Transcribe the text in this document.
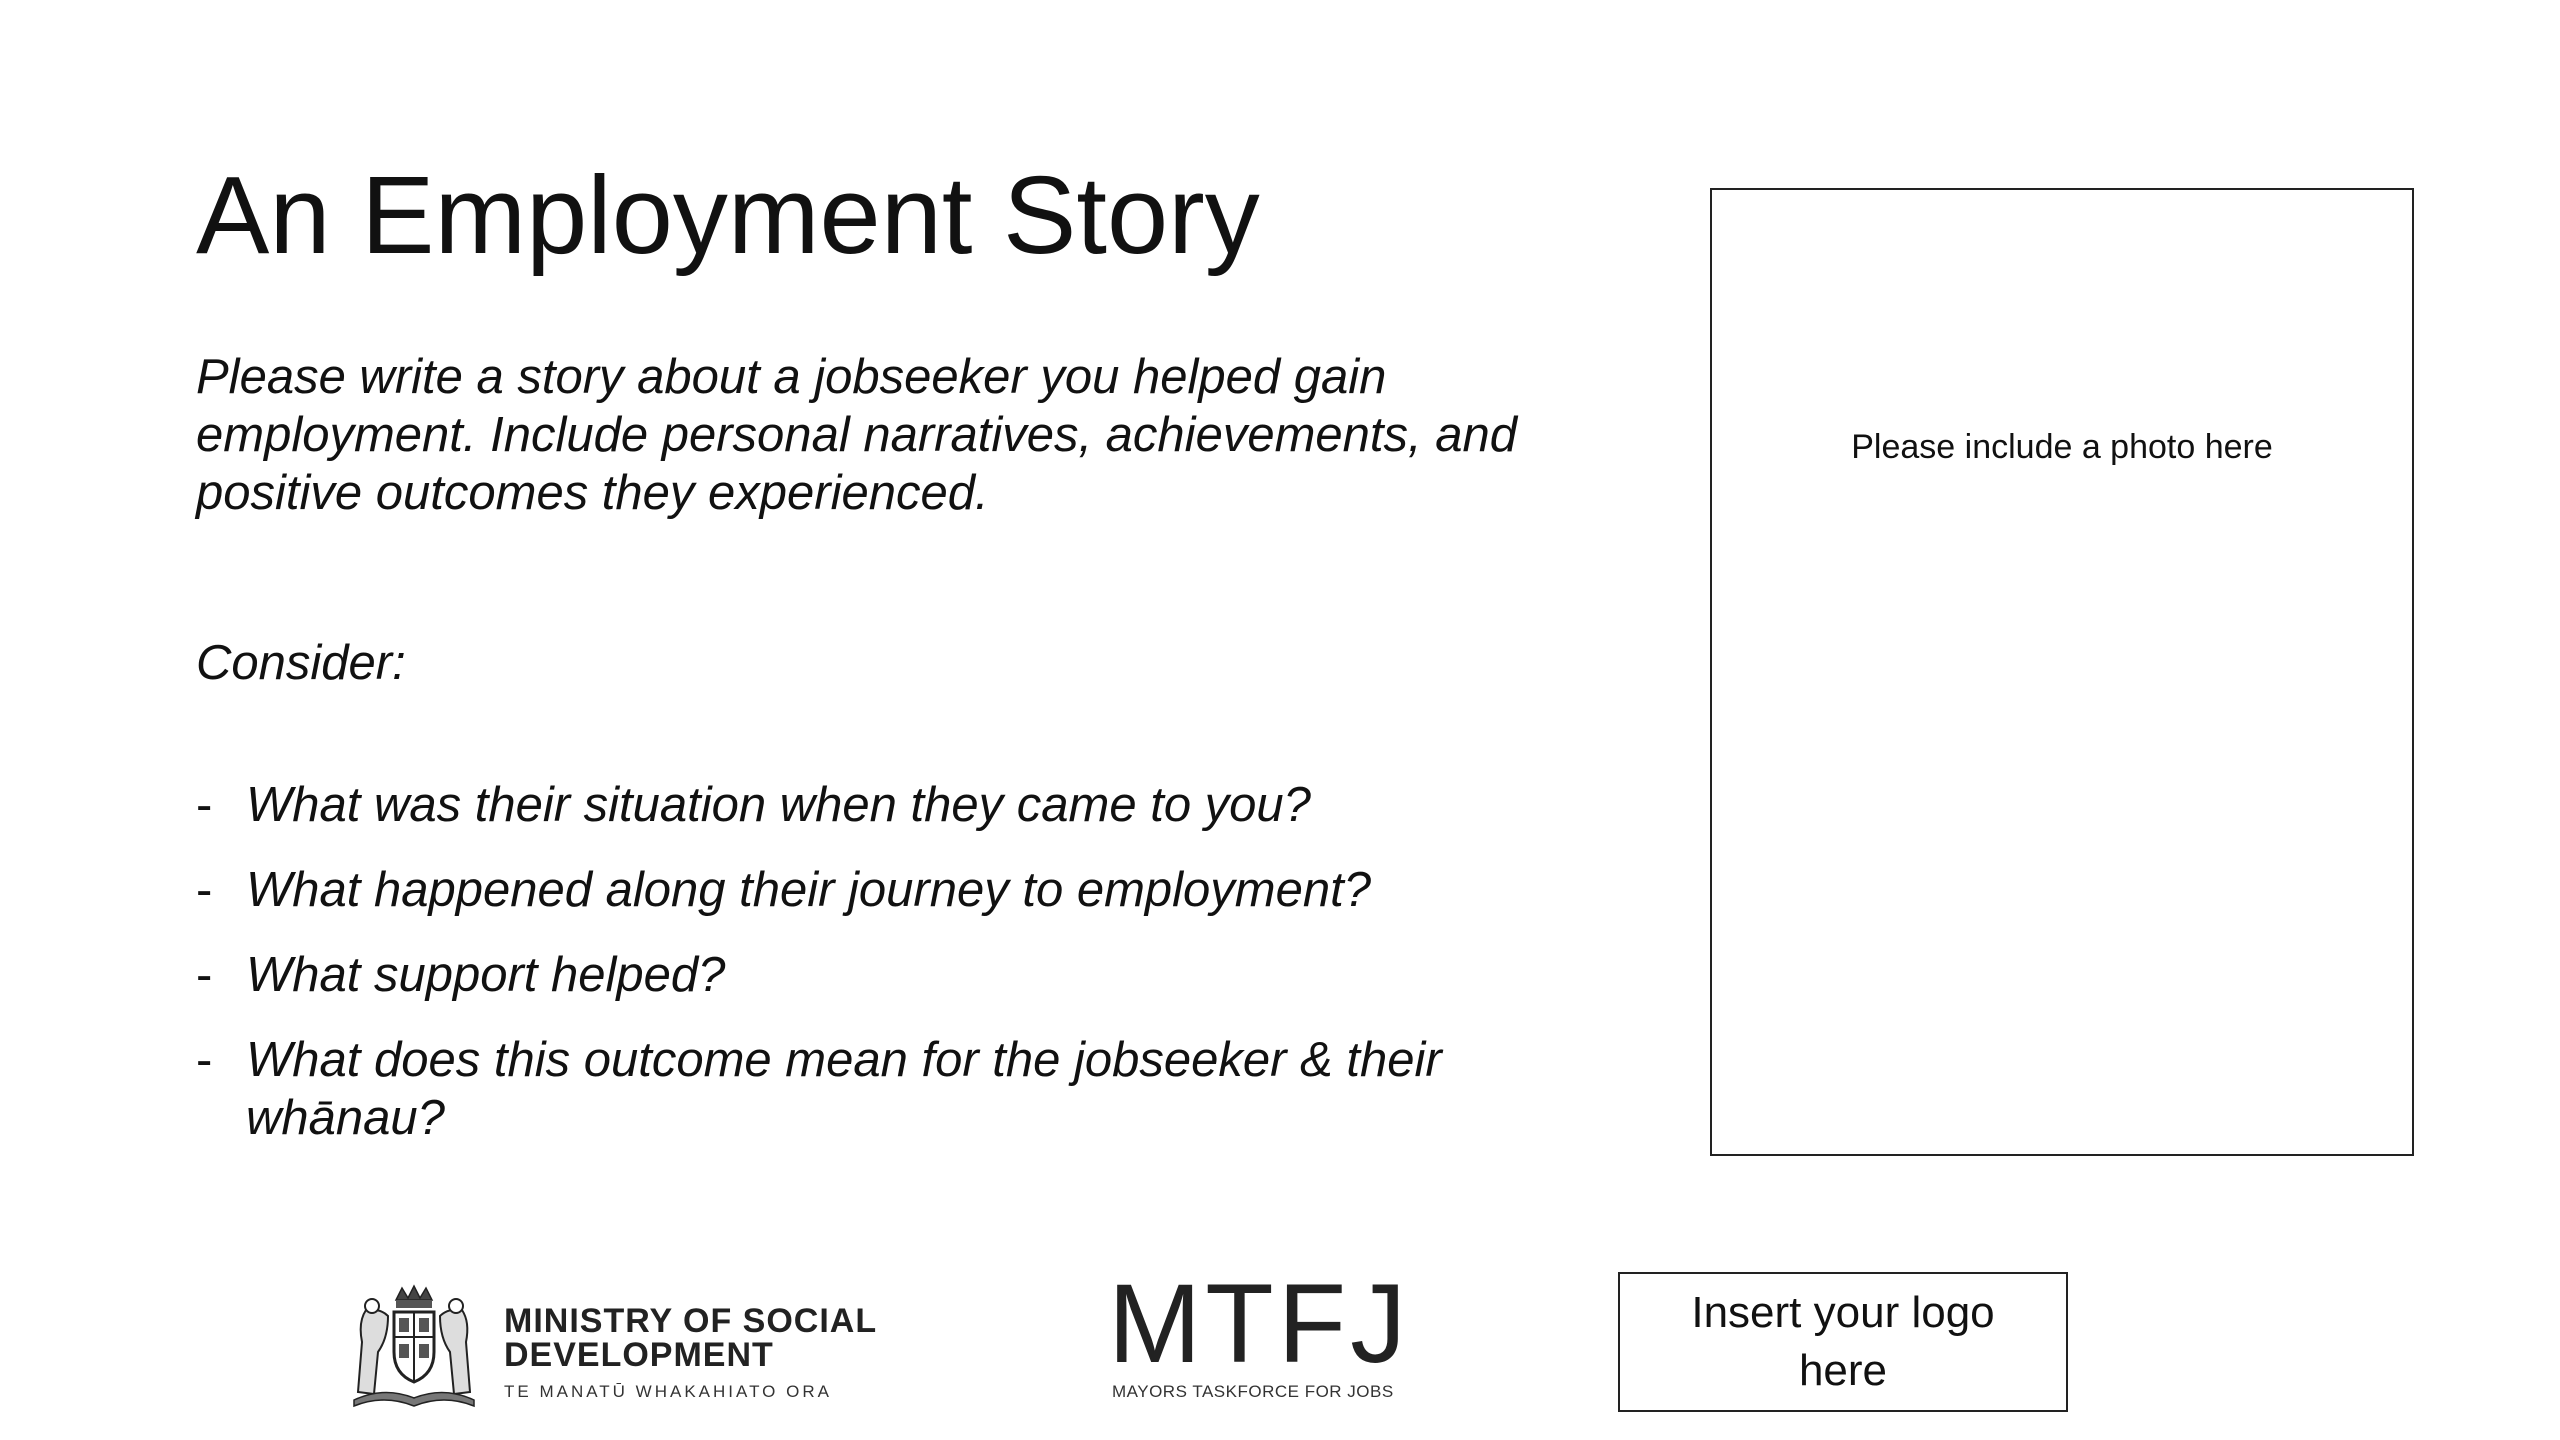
An Employment Story
Please write a story about a jobseeker you helped gain employment. Include personal narratives, achievements, and positive outcomes they experienced.
Consider:
- What was their situation when they came to you?
- What happened along their journey to employment?
- What support helped?
- What does this outcome mean for the jobseeker & their whānau?
Please include a photo here
MINISTRY OF SOCIAL
DEVELOPMENT
TE MANATŪ WHAKAHIATO ORA
MTFJ
MAYORS TASKFORCE FOR JOBS
Insert your logo here
